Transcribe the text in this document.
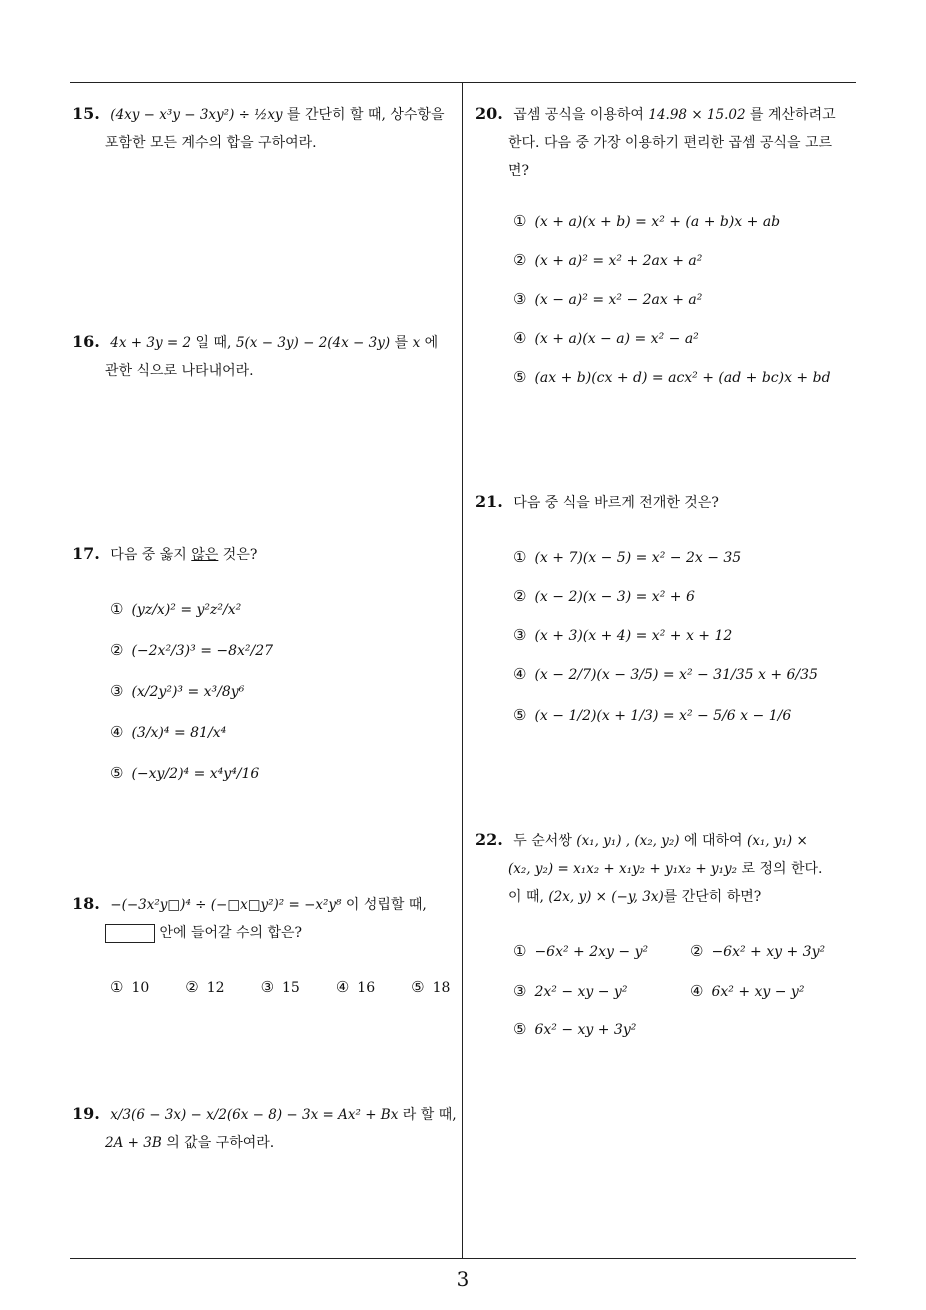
15. (4xy − x³y − 3xy²) ÷ ½xy 를 간단히 할 때, 상수항을
포함한 모든 계수의 합을 구하여라.
16. 4x + 3y = 2 일 때, 5(x − 3y) − 2(4x − 3y) 를 x 에
관한 식으로 나타내어라.
17. 다음 중 옳지 않은 것은?
① (yz/x)² = y²z²/x²
② (−2x²/3)³ = −8x²/27
③ (x/2y²)³ = x³/8y⁶
④ (3/x)⁴ = 81/x⁴
⑤ (−xy/2)⁴ = x⁴y⁴/16
18. −(−3x²y□)⁴ ÷ (−□x□y²)² = −x²y⁸ 이 성립할 때,
안에 들어갈 수의 합은?
① 10 ② 12 ③ 15 ④ 16 ⑤ 18
19. x/3(6 − 3x) − x/2(6x − 8) − 3x = Ax² + Bx 라 할 때,
2A + 3B 의 값을 구하여라.
20. 곱셈 공식을 이용하여 14.98 × 15.02 를 계산하려고
한다. 다음 중 가장 이용하기 편리한 곱셈 공식을 고르
면?
① (x + a)(x + b) = x² + (a + b)x + ab
② (x + a)² = x² + 2ax + a²
③ (x − a)² = x² − 2ax + a²
④ (x + a)(x − a) = x² − a²
⑤ (ax + b)(cx + d) = acx² + (ad + bc)x + bd
21. 다음 중 식을 바르게 전개한 것은?
① (x + 7)(x − 5) = x² − 2x − 35
② (x − 2)(x − 3) = x² + 6
③ (x + 3)(x + 4) = x² + x + 12
④ (x − 2/7)(x − 3/5) = x² − 31/35 x + 6/35
⑤ (x − 1/2)(x + 1/3) = x² − 5/6 x − 1/6
22. 두 순서쌍 (x₁, y₁) , (x₂, y₂) 에 대하여 (x₁, y₁) ×
(x₂, y₂) = x₁x₂ + x₁y₂ + y₁x₂ + y₁y₂ 로 정의 한다.
이 때, (2x, y) × (−y, 3x)를 간단히 하면?
① −6x² + 2xy − y²	② −6x² + xy + 3y²
③ 2x² − xy − y²	④ 6x² + xy − y²
⑤ 6x² − xy + 3y²
3
